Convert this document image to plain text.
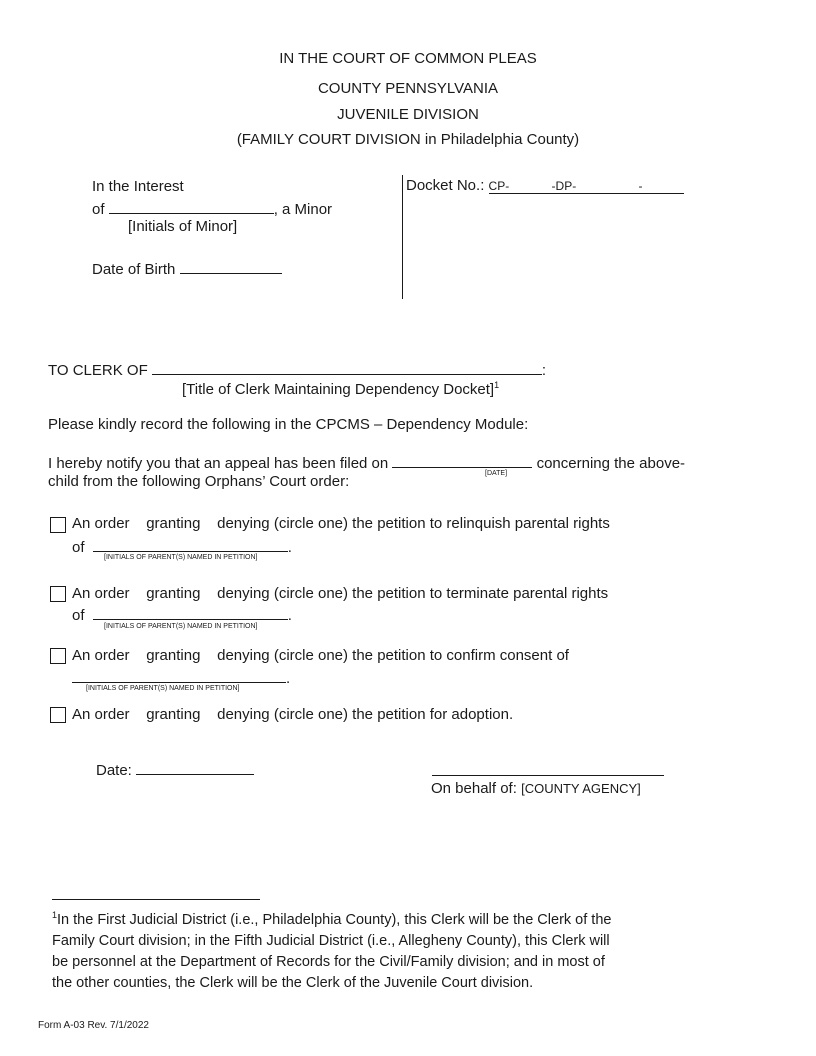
IN THE COURT OF COMMON PLEAS
COUNTY PENNSYLVANIA
JUVENILE DIVISION
(FAMILY COURT DIVISION in Philadelphia County)
In the Interest
of	, a Minor
[Initials of Minor]
Date of Birth
Docket No.: CP-	-DP-	-

TO CLERK OF	:
[Title of Clerk Maintaining Dependency Docket]$^1$
Please kindly record the following in the CPCMS – Dependency Module:
I hereby notify you that an appeal has been filed on	concerning the above-
[DATE]
child from the following Orphans’ Court order:
An order granting denying (circle one) the petition to relinquish parental rights
of	.
[INITIALS OF PARENT(S) NAMED IN PETITION]
An order granting denying (circle one) the petition to terminate parental rights
of	.
[INITIALS OF PARENT(S) NAMED IN PETITION]
An order granting denying (circle one) the petition to confirm consent of
.
[INITIALS OF PARENT(S) NAMED IN PETITION]
An order granting denying (circle one) the petition for adoption.
Date:
On behalf of: [COUNTY AGENCY]
$^1$In the First Judicial District (i.e., Philadelphia County), this Clerk will be the Clerk of the
Family Court division; in the Fifth Judicial District (i.e., Allegheny County), this Clerk will
be personnel at the Department of Records for the Civil/Family division; and in most of
the other counties, the Clerk will be the Clerk of the Juvenile Court division.
Form A-03 Rev. 7/1/2022
